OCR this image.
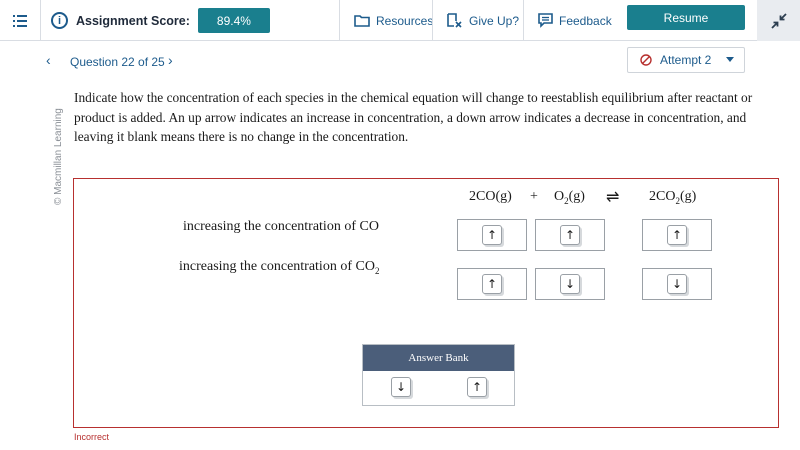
i	Assignment Score:	89.4%	Resources	Give Up?	Feedback	Resume
‹ Question 22 of 25 ›	Attempt 2
© Macmillan Learning
Indicate how the concentration of each species in the chemical equation will change to reestablish equilibrium after reactant or product is added. An up arrow indicates an increase in concentration, a down arrow indicates a decrease in concentration, and leaving it blank means there is no change in the concentration.
$2CO(g) + O_2(g)$ ⇌ $2CO_2(g)$
increasing the concentration of CO
↑	↑	↑
increasing the concentration of $CO_2$
↑	↓	↓
Answer Bank
↓	↑
Incorrect
